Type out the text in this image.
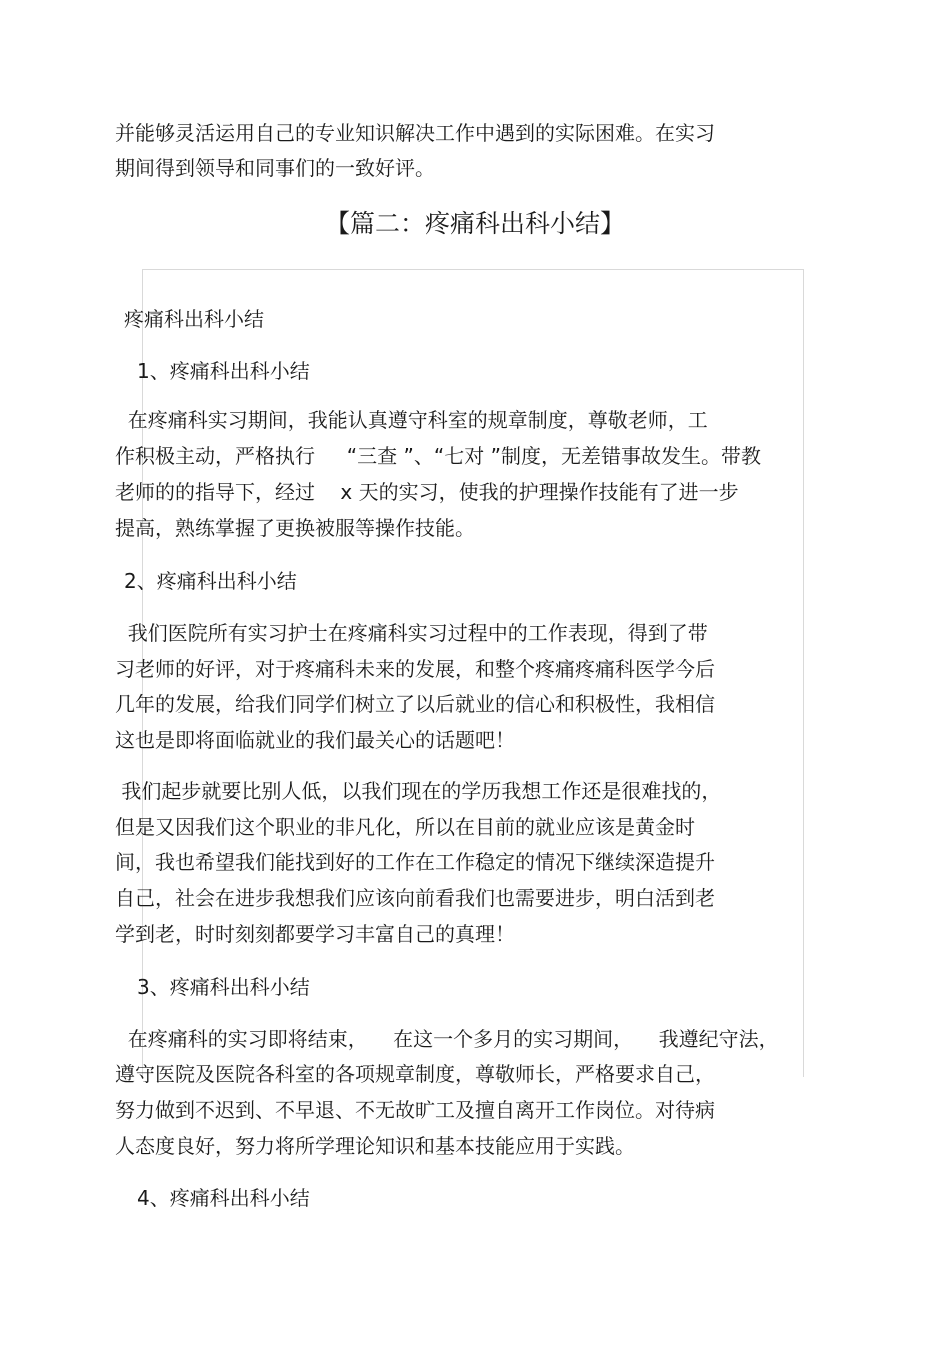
并能够灵活运用自己的专业知识解决工作中遇到的实际困难。在实习
期间得到领导和同事们的一致好评。
【篇二：疼痛科出科小结】
疼痛科出科小结
1、疼痛科出科小结
在疼痛科实习期间，我能认真遵守科室的规章制度，尊敬老师，工
作积极主动，严格执行     “三查 ”、“七对 ”制度，无差错事故发生。带教
老师的的指导下，经过    x 天的实习，使我的护理操作技能有了进一步
提高，熟练掌握了更换被服等操作技能。
2、疼痛科出科小结
我们医院所有实习护士在疼痛科实习过程中的工作表现，得到了带
习老师的好评，对于疼痛科未来的发展，和整个疼痛疼痛科医学今后
几年的发展，给我们同学们树立了以后就业的信心和积极性，我相信
这也是即将面临就业的我们最关心的话题吧！
我们起步就要比别人低，以我们现在的学历我想工作还是很难找的，
但是又因我们这个职业的非凡化，所以在目前的就业应该是黄金时
间，我也希望我们能找到好的工作在工作稳定的情况下继续深造提升
自己，社会在进步我想我们应该向前看我们也需要进步，明白活到老
学到老，时时刻刻都要学习丰富自己的真理！
3、疼痛科出科小结
在疼痛科的实习即将结束，    在这一个多月的实习期间，    我遵纪守法，
遵守医院及医院各科室的各项规章制度，尊敬师长，严格要求自己，
努力做到不迟到、不早退、不无故旷工及擅自离开工作岗位。对待病
人态度良好，努力将所学理论知识和基本技能应用于实践。
4、疼痛科出科小结
